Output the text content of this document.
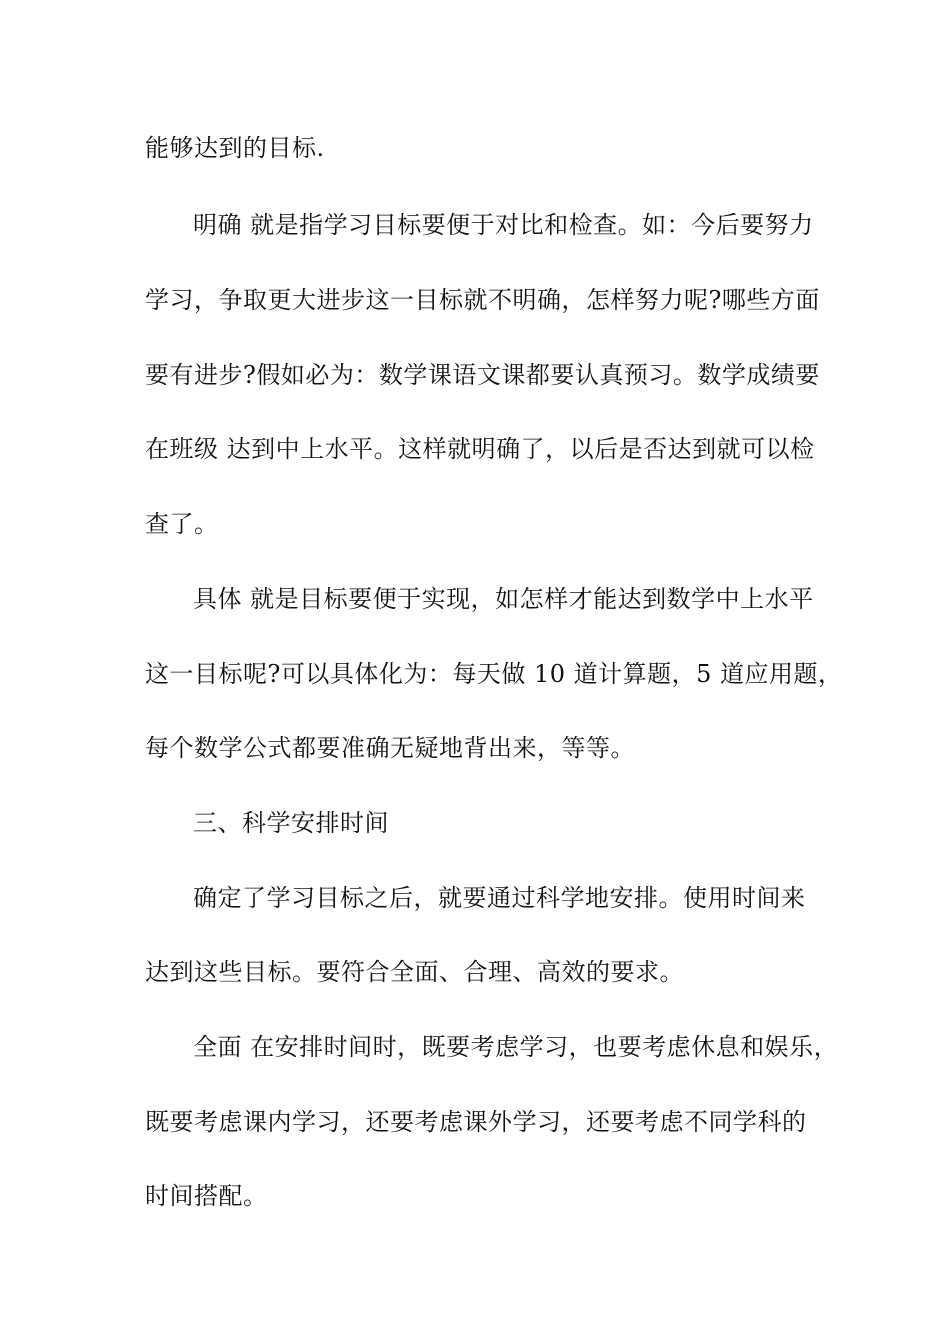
能够达到的目标.
明确 就是指学习目标要便于对比和检查。如：今后要努力
学习，争取更大进步这一目标就不明确，怎样努力呢?哪些方面
要有进步?假如必为：数学课语文课都要认真预习。数学成绩要
在班级 达到中上水平。这样就明确了，以后是否达到就可以检
查了。
具体 就是目标要便于实现，如怎样才能达到数学中上水平
这一目标呢?可以具体化为：每天做 10 道计算题，5 道应用题，
每个数学公式都要准确无疑地背出来，等等。
三、科学安排时间
确定了学习目标之后，就要通过科学地安排。使用时间来
达到这些目标。要符合全面、合理、高效的要求。
全面 在安排时间时，既要考虑学习，也要考虑休息和娱乐，
既要考虑课内学习，还要考虑课外学习，还要考虑不同学科的
时间搭配。
